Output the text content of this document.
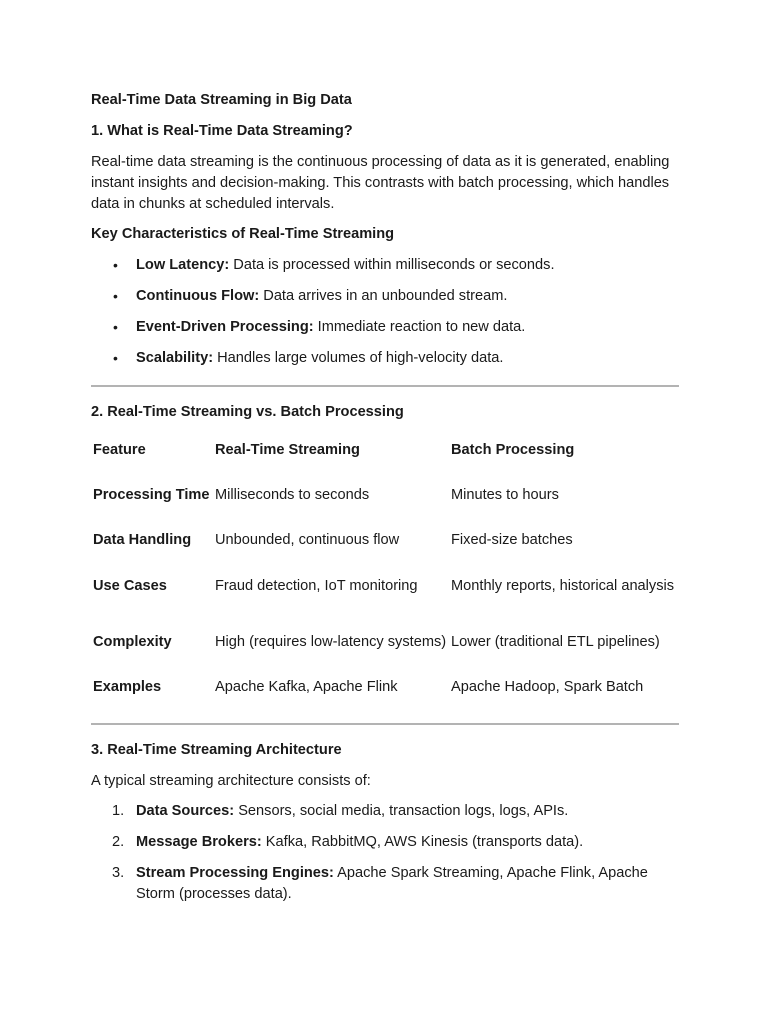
Real-Time Data Streaming in Big Data
1. What is Real-Time Data Streaming?

Real-time data streaming is the continuous processing of data as it is generated, enabling instant insights and decision-making. This contrasts with batch processing, which handles data in chunks at scheduled intervals.

Key Characteristics of Real-Time Streaming
• Low Latency: Data is processed within milliseconds or seconds.
• Continuous Flow: Data arrives in an unbounded stream.
• Event-Driven Processing: Immediate reaction to new data.
• Scalability: Handles large volumes of high-velocity data.
2. Real-Time Streaming vs. Batch Processing
Feature	Real-Time Streaming	Batch Processing
Processing Time	Milliseconds to seconds	Minutes to hours
Data Handling	Unbounded, continuous flow	Fixed-size batches
Use Cases	Fraud detection, IoT monitoring	Monthly reports, historical analysis
Complexity	High (requires low-latency systems)	Lower (traditional ETL pipelines)
Examples	Apache Kafka, Apache Flink	Apache Hadoop, Spark Batch
3. Real-Time Streaming Architecture

A typical streaming architecture consists of:

1. Data Sources: Sensors, social media, transaction logs, logs, APIs.
2. Message Brokers: Kafka, RabbitMQ, AWS Kinesis (transports data).
3. Stream Processing Engines: Apache Spark Streaming, Apache Flink, Apache Storm (processes data).
